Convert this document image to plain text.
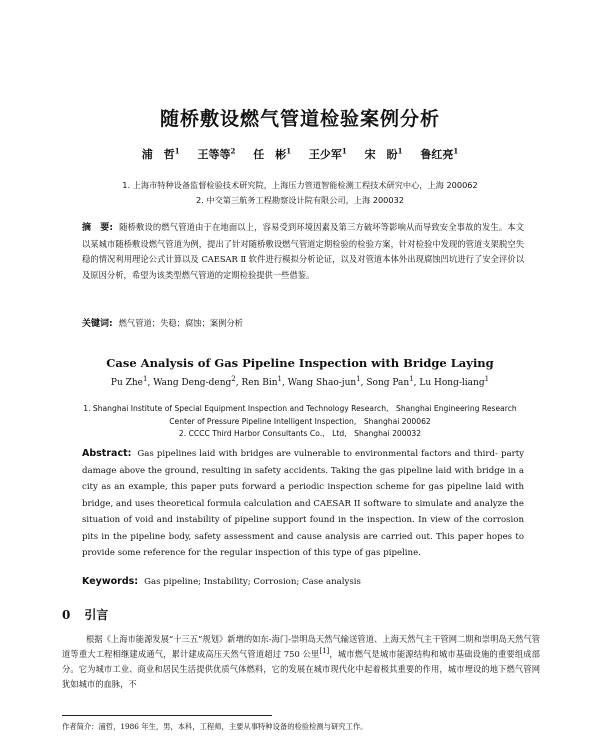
随桥敷设燃气管道检验案例分析
浦　哲$^1$ 王等等$^2$ 任　彬$^1$ 王少军$^1$ 宋　盼$^1$ 鲁红亮$^1$
1. 上海市特种设备监督检验技术研究院，上海压力管道智能检测工程技术研究中心，上海 200062
2. 中交第三航务工程勘察设计院有限公司，上海 200032
摘　要: 随桥敷设的燃气管道由于在地面以上，容易受到环境因素及第三方破坏等影响从而导致安全事故的发生。本文以某城市随桥敷设燃气管道为例，提出了针对随桥敷设燃气管道定期检验的检验方案，针对检验中发现的管道支架脱空失稳的情况利用理论公式计算以及 CAESAR Ⅱ 软件进行模拟分析论证，以及对管道本体外出现腐蚀凹坑进行了安全评价以及原因分析，希望为该类型燃气管道的定期检验提供一些借鉴。
关键词: 燃气管道；失稳；腐蚀；案例分析
Case Analysis of Gas Pipeline Inspection with Bridge Laying
Pu Zhe$^1$, Wang Deng-deng$^2$, Ren Bin$^1$, Wang Shao-jun$^1$, Song Pan$^1$, Lu Hong-liang$^1$
1. Shanghai Institute of Special Equipment Inspection and Technology Research,　Shanghai Engineering Research
Center of Pressure Pipeline Intelligent Inspection,　Shanghai 200062
2. CCCC Third Harbor Consultants Co.,　Ltd,　Shanghai 200032
Abstract: Gas pipelines laid with bridges are vulnerable to environmental factors and third- party damage above the ground, resulting in safety accidents. Taking the gas pipeline laid with bridge in a city as an example, this paper puts forward a periodic inspection scheme for gas pipeline laid with bridge, and uses theoretical formula calculation and CAESAR II software to simulate and analyze the situation of void and instability of pipeline support found in the inspection. In view of the corrosion pits in the pipeline body, safety assessment and cause analysis are carried out. This paper hopes to provide some reference for the regular inspection of this type of gas pipeline.
Keywords: Gas pipeline; Instability; Corrosion; Case analysis
0 引言
根据《上海市能源发展“十三五”规划》新增的如东-海门-崇明岛天然气输送管道、上海天然气主干管网二期和崇明岛天然气管道等重大工程相继建成通气，累计建成高压天然气管道超过 750 公里[1]，城市燃气是城市能源结构和城市基础设施的重要组成部分。它为城市工业、商业和居民生活提供优质气体燃料，它的发展在城市现代化中起着极其重要的作用，城市埋设的地下燃气管网犹如城市的血脉，不
作者简介：浦哲，1986 年生，男，本科，工程师，主要从事特种设备的检验检测与研究工作。
